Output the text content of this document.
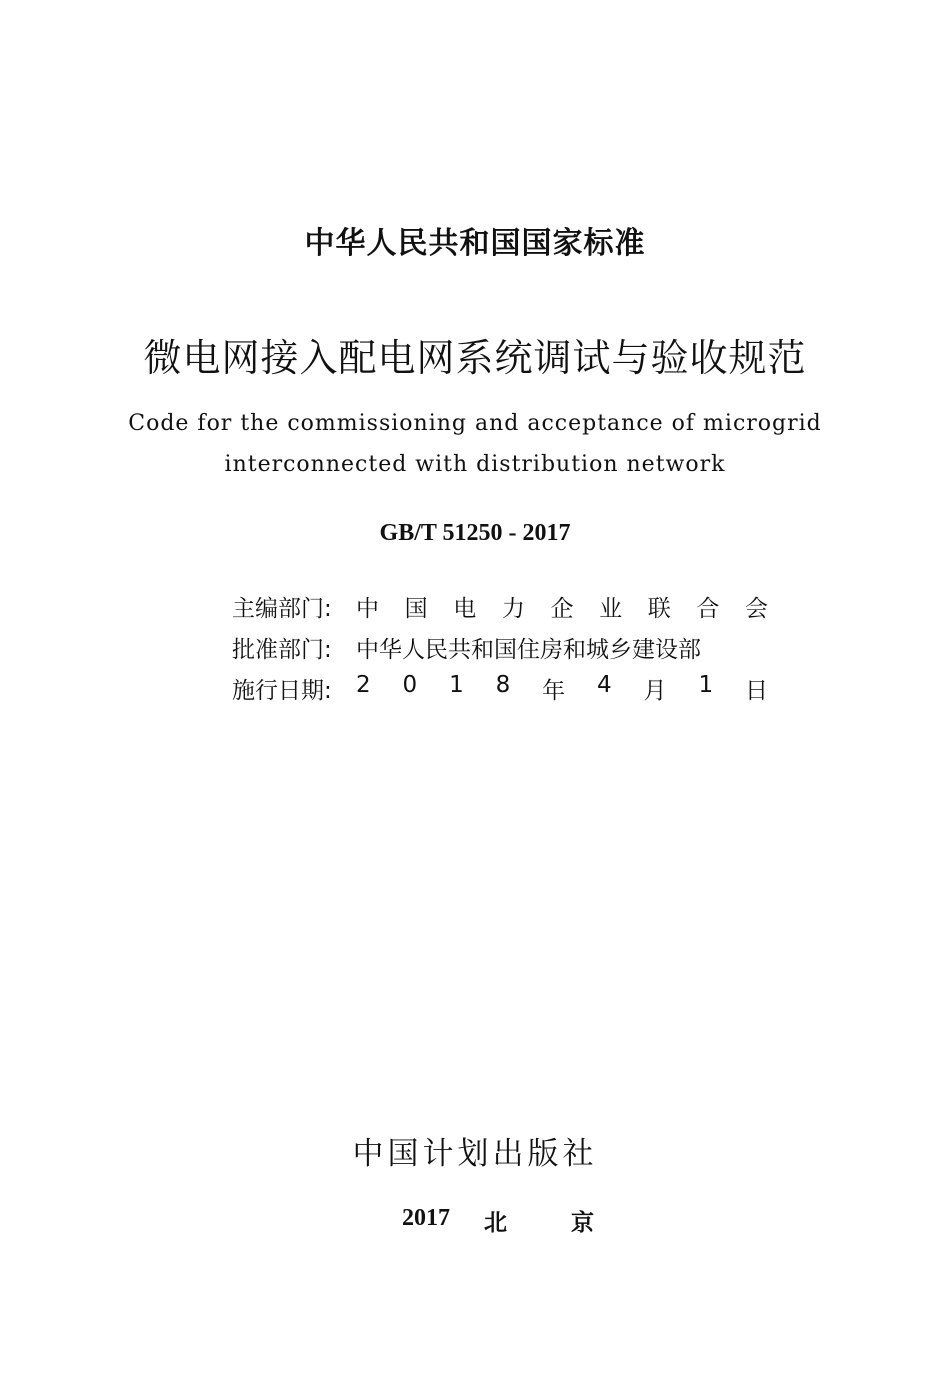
中华人民共和国国家标准
微电网接入配电网系统调试与验收规范
Code for the commissioning and acceptance of microgrid
interconnected with distribution network
GB/T 51250 - 2017
主编部门: 中 国 电 力 企 业 联 合 会
批准部门: 中华人民共和国住房和城乡建设部
施行日期: 2 0 1 8 年 4 月 1 日
中国计划出版社
2017 北	京
